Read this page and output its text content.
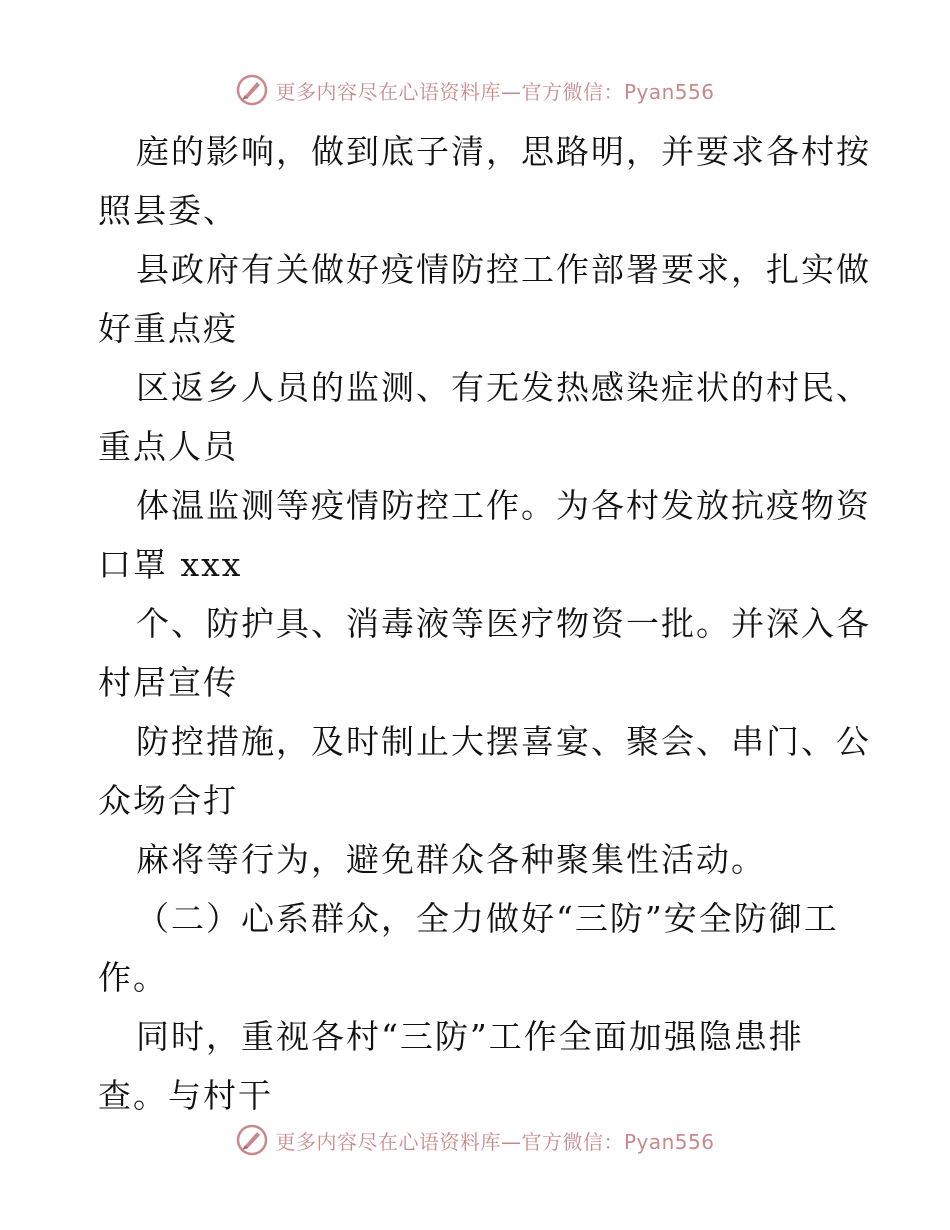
更多内容尽在心语资料库—官方微信：Pyan556
庭的影响，做到底子清，思路明，并要求各村按
照县委、
县政府有关做好疫情防控工作部署要求，扎实做
好重点疫
区返乡人员的监测、有无发热感染症状的村民、
重点人员
体温监测等疫情防控工作。为各村发放抗疫物资
口罩 xxx
个、防护具、消毒液等医疗物资一批。并深入各
村居宣传
防控措施，及时制止大摆喜宴、聚会、串门、公
众场合打
麻将等行为，避免群众各种聚集性活动。
（二）心系群众，全力做好“三防”安全防御工
作。
同时，重视各村“三防”工作全面加强隐患排
查。与村干
更多内容尽在心语资料库—官方微信：Pyan556
